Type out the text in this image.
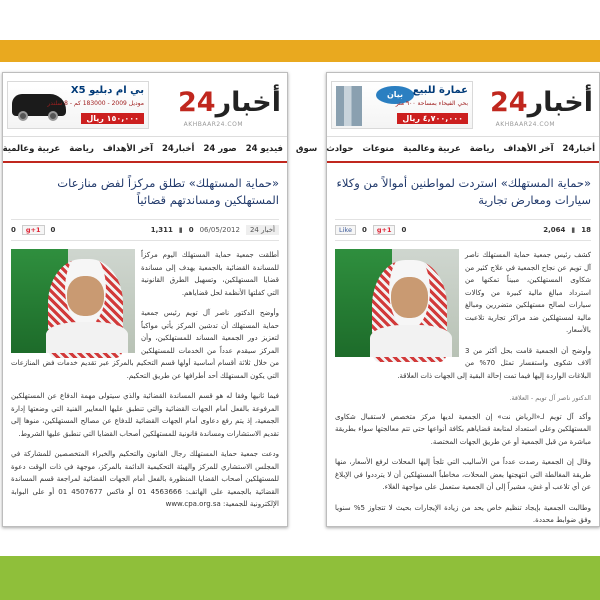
أخبار24
AKHBAAR24.COM
بي ام دبليو X5
موديل 2009 - 183000 كم - 8 سلندر
١٥٠,٠٠٠ ريال
فيديو 24
صور 24
أخبار24
آخر الأهداف
رياضة
عربية وعالمية
«حماية المستهلك» تطلق مركزاً لفض منازعات المستهلكين ومساندتهم قضائياً
أخبار 24
06/05/2012
0
▮
1,311
0
g+1
0

أطلقت جمعية حماية المستهلك اليوم مركزاً للمساندة القضائية بالجمعية يهدف إلى مساندة قضايا المستهلكين، وتسهيل الطرق القانونية التي كفلتها الأنظمة لحل قضاياهم.

وأوضح الدكتور ناصر آل تويم رئيس جمعية حماية المستهلك أن تدشين المركز يأتي مواكباً لتعزيز دور الجمعية المساند للمستهلكين، وأن المركز سيقدم عدداً من الخدمات للمستهلكين من خلال ثلاثة أقسام أساسية أولها قسم التحكيم بالمركز عبر تقديم خدمات فض المنازعات التي يكون المستهلك أحد أطرافها عن طريق التحكيم.

فيما ثانيها وفقا له هو قسم المساندة القضائية والذي سيتولى مهمة الدفاع عن المستهلكين المرفوعة بالفعل أمام الجهات القضائية والتي تنطبق عليها المعايير الفنية التي وضعتها إدارة الجمعية، إذ يتم رفع دعاوى أمام الجهات القضائية للدفاع عن مصالح المستهلكين، منوها إلى تقديم الاستشارات ومساندة قانونية للمستهلكين أصحاب القضايا التي تنطبق عليها الشروط.

ودعت جمعية حماية المستهلك رجال القانون والتحكيم والخبراء المتخصصين للمشاركة في المجلس الاستشاري للمركز والهيئة التحكيمية الدائمة بالمركز، موجهة في ذات الوقت دعوة للمستهلكين أصحاب القضايا المنظورة بالفعل أمام الجهات القضائية لمراجعة قسم المساندة القضائية بالجمعية على الهاتف: 4563666 01 أو فاكس 4507677 01 أو على البوابة الإلكترونية للجمعية: www.cpa.org.sa

أخبار24
AKHBAAR24.COM
بيان عمارة للبيع
بحي الفيحاء بمساحة ٩٠٠ متر
٤,٧٠٠,٠٠٠ ريال
أخبار24
آخر الأهداف
رياضة
عربية وعالمية
منوعات
حوادث
سوق
«حماية المستهلك» استردت لمواطنين أموالاً من وكلاء سيارات ومعارض تجارية
18
▮
2,064
0
g+1
0
Like

كشف رئيس جمعية حماية المستهلك ناصر آل تويم عن نجاح الجمعية في علاج كثير من شكاوى المستهلكين، مبيناً تمكنها من استرداد مبالغ مالية كبيرة من وكالات سيارات لصالح مستهلكين متضررين ومبالغ مالية لمستهلكين ضد مراكز تجارية تلاعبت بالأسعار.

وأوضح أن الجمعية قامت بحل أكثر من 3 آلاف شكوى واستفسار تمثل 70% من البلاغات الواردة إليها فيما تمت إحالة البقية إلى الجهات ذات العلاقة.

الدكتور ناصر آل تويم - العلاقة.

وأكد آل تويم لـ«الرياض نت» إن الجمعية لديها مركز متخصص لاستقبال شكاوى المستهلكين وعلى استعداد لمتابعة قضاياهم بكافة أنواعها حتى تتم معالجتها سواء بطريقة مباشرة من قبل الجمعية أو عن طريق الجهات المختصة.

وقال إن الجمعية رصدت عدداً من الأساليب التي تلجأ إليها المحلات لرفع الأسعار، منها طريقة المغالطة التي انتهجتها بعض المحلات، مخاطباً المستهلكين أن لا يترددوا في الإبلاغ عن أي تلاعب أو غش، مشيراً إلى أن الجمعية ستعمل على مواجهة الغلاء.

وطالبت الجمعية بإيجاد تنظيم خاص يحد من زيادة الإيجارات بحيث لا تتجاوز 5% سنويا وفق ضوابط محددة.
